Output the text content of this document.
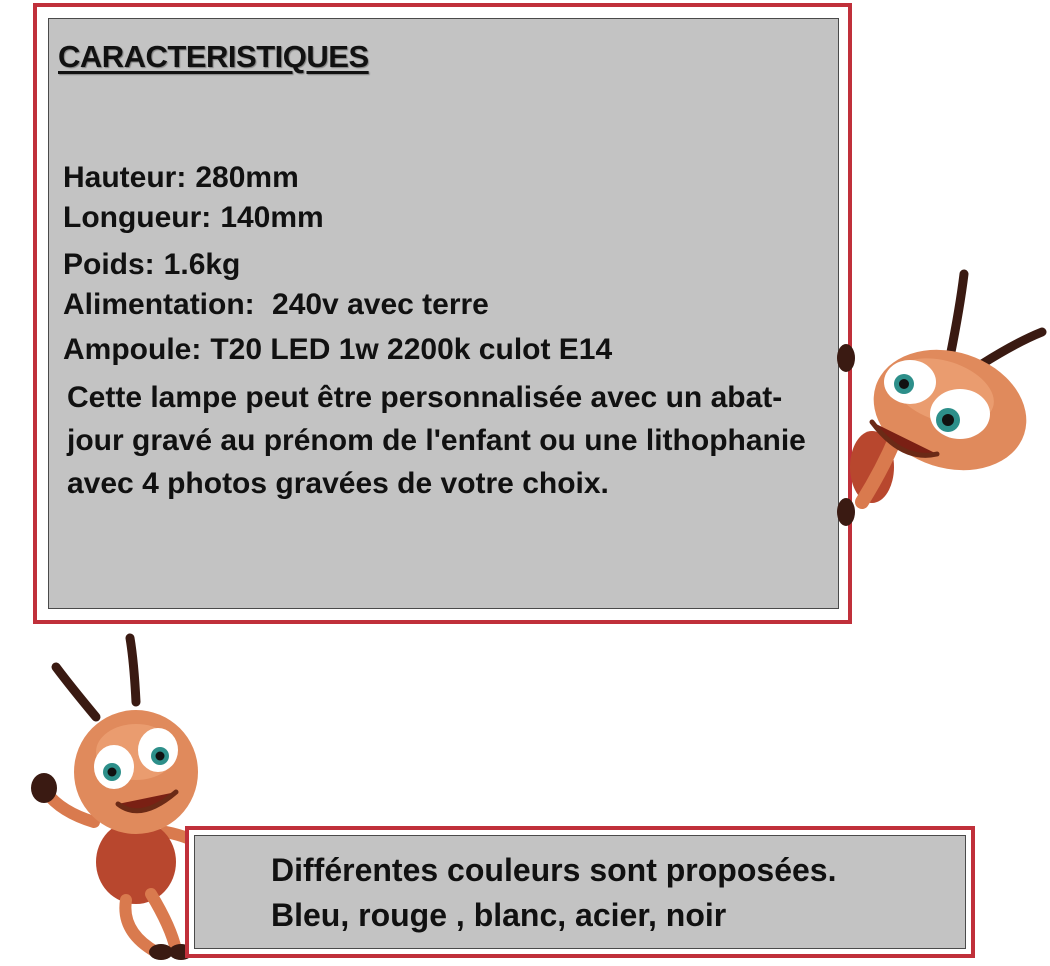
CARACTERISTIQUES
Hauteur: 280mm
Longueur: 140mm
Poids: 1.6kg
Alimentation: 240v avec terre
Ampoule: T20 LED 1w 2200k culot E14
Cette lampe peut être personnalisée avec un abat-jour gravé au prénom de l'enfant ou une lithophanie avec 4 photos gravées de votre choix.
Différentes couleurs sont proposées.
Bleu, rouge , blanc, acier, noir
